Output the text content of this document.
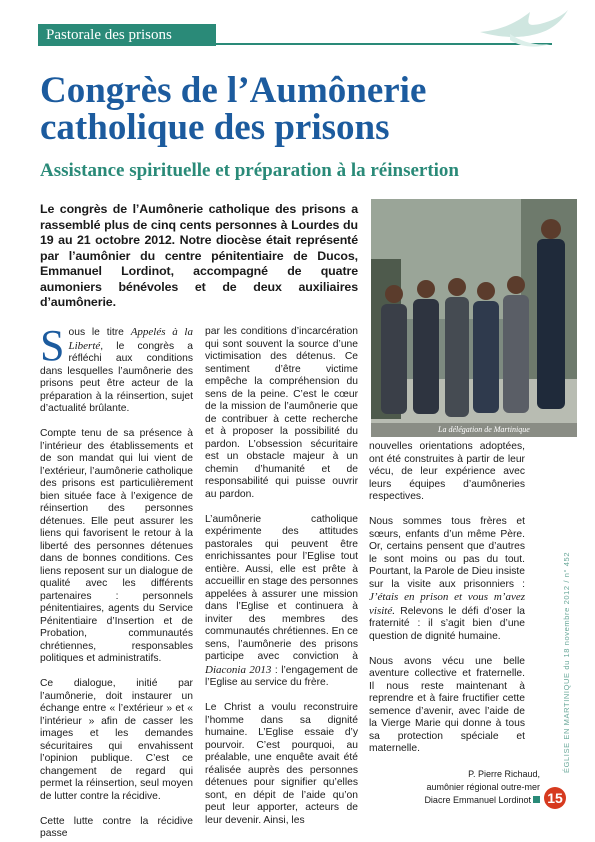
Pastorale des prisons
Congrès de l’Aumônerie
catholique des prisons
Assistance spirituelle et préparation à la réinsertion

Le congrès de l’Aumônerie catholique des prisons a rassemblé plus de cinq cents personnes à Lourdes du 19 au 21 octobre 2012. Notre diocèse était représenté par l’aumônier du centre pénitentiaire de Ducos, Emmanuel Lordinot, accompagné de quatre aumoniers bénévoles et de deux auxiliaires d’aumônerie.

La délégation de Martinique

Sous le titre Appelés à la Liberté, le congrès a réfléchi aux conditions dans lesquelles l’aumônerie des prisons peut être acteur de la préparation à la réinsertion, sujet d’actualité brûlante.

Compte tenu de sa présence à l’intérieur des établissements et de son mandat qui lui vient de l’extérieur, l’aumônerie catholique des prisons est particulièrement bien située face à l’exigence de réinsertion des personnes détenues. Elle peut assurer les liens qui favorisent le retour à la liberté des personnes détenues dans de bonnes conditions. Ces liens reposent sur un dialogue de qualité avec les différents partenaires : personnels pénitentiaires, agents du Service Pénitentiaire d’Insertion et de Probation, communautés chrétiennes, responsables politiques et administratifs.

Ce dialogue, initié par l’aumônerie, doit instaurer un échange entre « l’extérieur » et « l’intérieur » afin de casser les images et les demandes sécuritaires qui envahissent l’opinion publique. C’est ce changement de regard qui permet la réinsertion, seul moyen de lutter contre la récidive.

Cette lutte contre la récidive passe

par les conditions d’incarcération qui sont souvent la source d’une victimisation des détenus. Ce sentiment d’être victime empêche la compréhension du sens de la peine. C’est le cœur de la mission de l’aumônerie que de contribuer à cette recherche et à proposer la possibilité du pardon. L’obsession sécuritaire est un obstacle majeur à un chemin d’humanité et de responsabilité qui puisse ouvrir au pardon.

L’aumônerie catholique expérimente des attitudes pastorales qui peuvent être enrichissantes pour l’Eglise tout entière. Aussi, elle est prête à accueillir en stage des personnes appelées à assurer une mission dans l’Eglise et continuera à inviter des membres des communautés chrétiennes. En ce sens, l’aumônerie des prisons participe avec conviction à Diaconia 2013 : l’engagement de l’Eglise au service du frère.

Le Christ a voulu reconstruire l’homme dans sa dignité humaine. L’Eglise essaie d’y pourvoir. C’est pourquoi, au préalable, une enquête avait été réalisée auprès des personnes détenues pour signifier qu’elles sont, en dépit de l’aide qu’on peut leur apporter, acteurs de leur devenir. Ainsi, les

nouvelles orientations adoptées, ont été construites à partir de leur vécu, de leur expérience avec leurs équipes d’aumôneries respectives.

Nous sommes tous frères et sœurs, enfants d’un même Père. Or, certains pensent que d’autres le sont moins ou pas du tout. Pourtant, la Parole de Dieu insiste sur la visite aux prisonniers : J’étais en prison et vous m’avez visité. Relevons le défi d’oser la fraternité : il s’agit bien d’une question de dignité humaine.

Nous avons vécu une belle aventure collective et fraternelle. Il nous reste maintenant à reprendre et à faire fructifier cette semence d’avenir, avec l’aide de la Vierge Marie qui donne à tous sa protection spéciale et maternelle.

P. Pierre Richaud,
aumônier régional outre-mer
Diacre Emmanuel Lordinot
ÉGLISE EN MARTINIQUE du 18 novembre 2012 / n° 452
15
